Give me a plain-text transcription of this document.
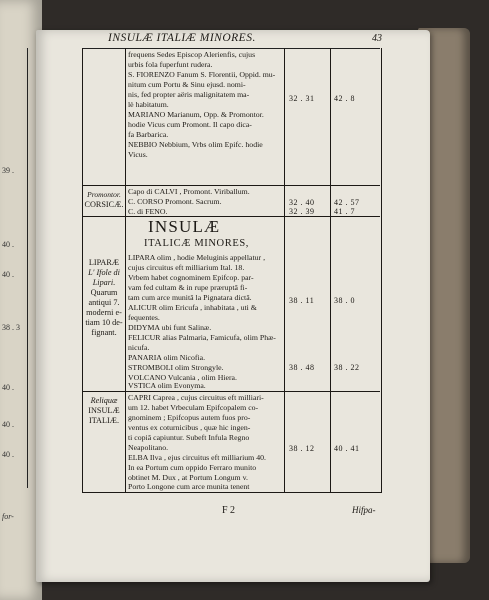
39 .
40 .
40 .
38 . 3
40 .
40 .
40 .
for-
INSULÆ ITALIÆ MINORES.	43
frequens Sedes Episcop Alerienfis, cujus
urbis fola fuperfunt rudera.
S. FIORENZO Fanum S. Florentii, Oppid. mu-
nitum cum Portu & Sinu ejusd. nomi-
nis, fed propter aëris malignitatem ma-
lè habitatum.
MARIANO Marianum, Opp. & Promontor.
hodie Vicus cum Promont. Il capo dica-
fa Barbarica.
NEBBIO Nebbium, Vrbs olim Epifc. hodie
Vicus.
32 . 31 42 . 8
Promontor.
CORSICÆ.
Capo di CALVI , Promont. Viriballum.
C. CORSO Promont. Sacrum.
C. di FENO.
32 . 40 42 . 57
32 . 39 41 . 7
INSULÆ
ITALICÆ MINORES,
LIPARÆ
L' Ifole di
Lipari.
Quarum
antiqui 7.
moderni e-
tiam 10 de-
fignant.
LIPARA olim , hodie Meluginis appellatur ,
cujus circuitus eft milliarium Ital. 18.
Vrbem habet cognominem Epifcop. par-
vam fed cultam & in rupe præruptâ fi-
tam cum arce munitâ la Pignatara dictâ.
ALICUR olim Ericufa , inhabitata , uti &
fequentes.
DIDYMA ubi funt Salinæ.
FELICUR alias Palmaria, Famicufa, olim Phæ-
nicufa.
PANARIA olim Nicofia.
STROMBOLI olim Strongyle.
VOLCANO Vulcania , olim Hiera.
VSTICA olim Evonyma.
38 . 11 38 . 0
38 . 48 38 . 22
Reliquæ
INSULÆ
ITALIÆ.
CAPRI Caprea , cujus circuitus eft milliari-
um 12. habet Vrbeculam Epifcopalem co-
gnominem ; Epifcopus autem fuos pro-
ventus ex coturnicibus , quæ hic ingen-
ti copiâ capiuntur. Subeft Infula Regno
Neapolitano.
ELBA Ilva , ejus circuitus eft milliarium 40.
In ea Portum cum oppido Ferraro munito
obtinet M. Dux , at Portum Longum v.
Porto Longone cum arce munita tenent
38 . 12 40 . 41
F 2	Hifpa-
